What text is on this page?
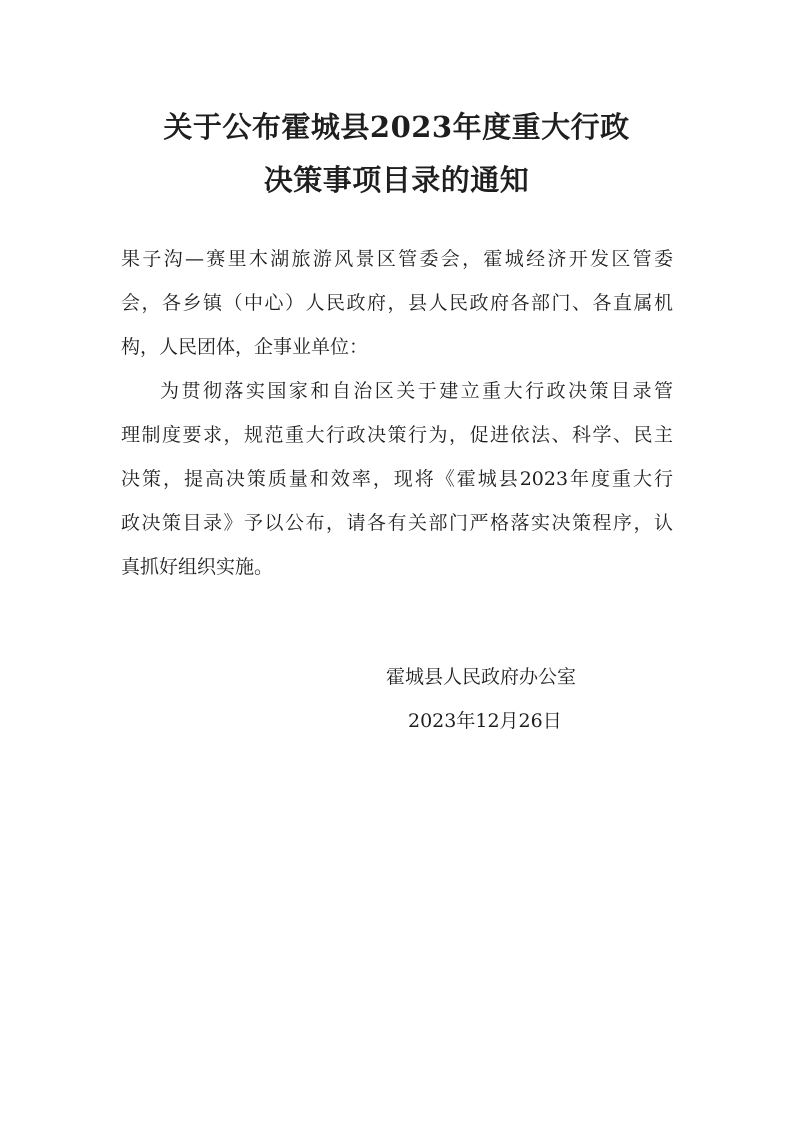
关于公布霍城县2023年度重大行政
决策事项目录的通知
果子沟—赛里木湖旅游风景区管委会，霍城经济开发区管委
会，各乡镇（中心）人民政府，县人民政府各部门、各直属机
构，人民团体，企事业单位：
为贯彻落实国家和自治区关于建立重大行政决策目录管
理制度要求，规范重大行政决策行为，促进依法、科学、民主
决策，提高决策质量和效率，现将《霍城县2023年度重大行
政决策目录》予以公布，请各有关部门严格落实决策程序，认
真抓好组织实施。
霍城县人民政府办公室
2023年12月26日
